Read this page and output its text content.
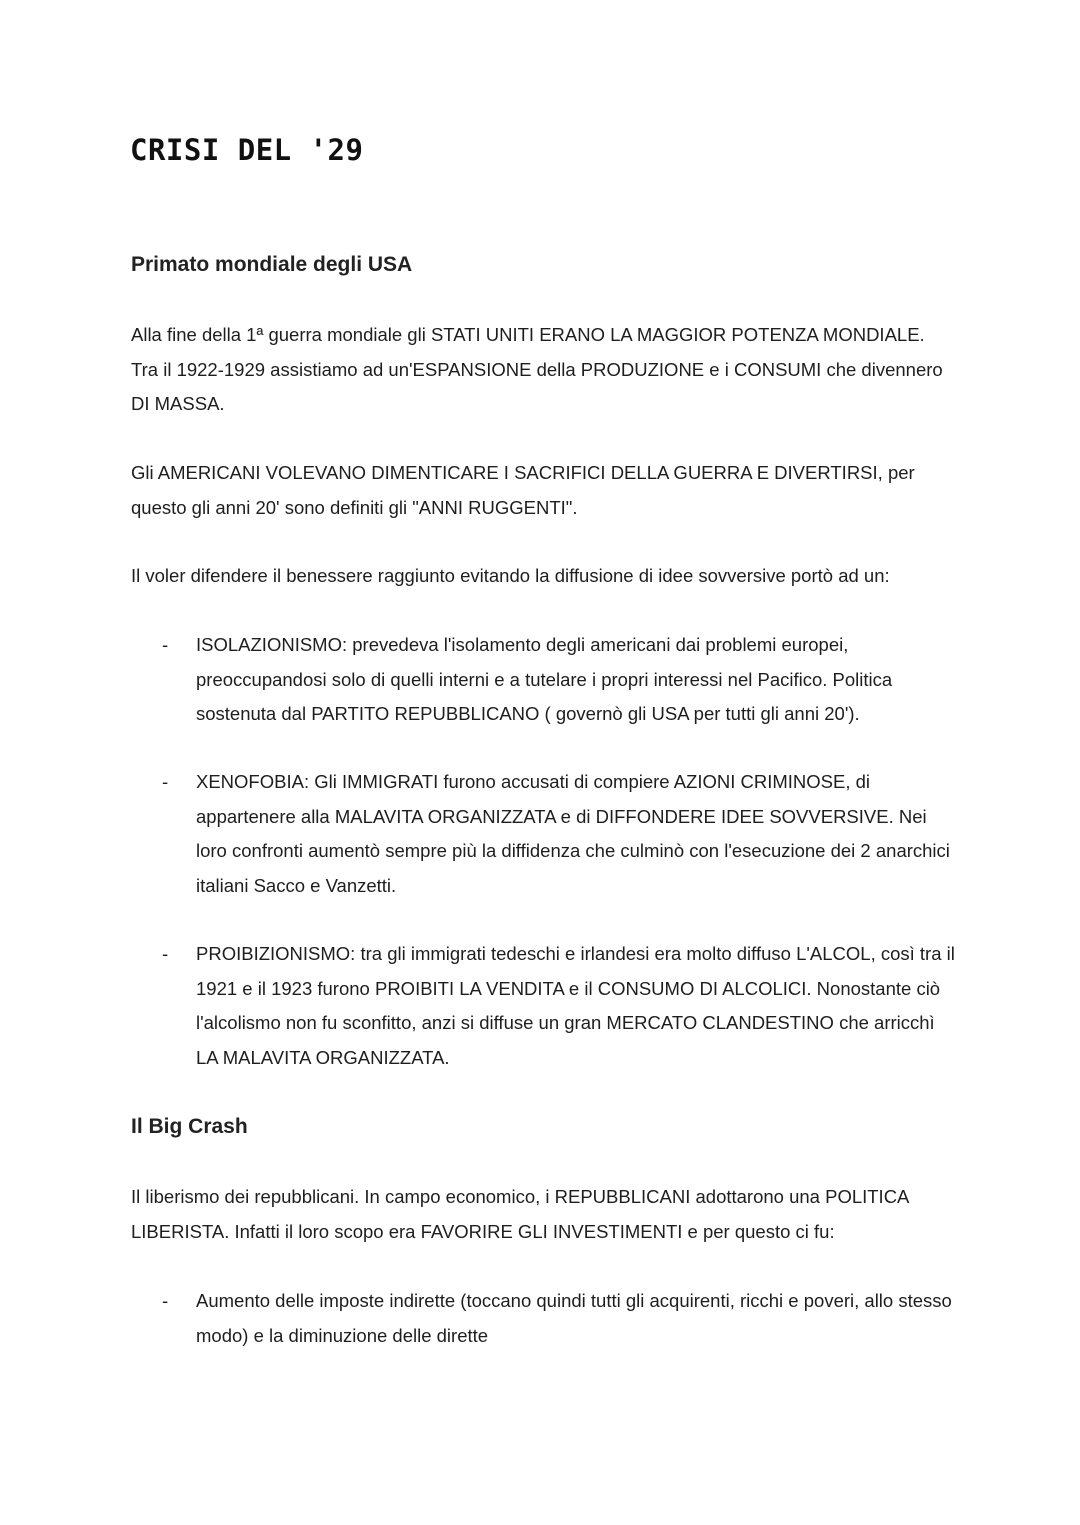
CRISI DEL '29
Primato mondiale degli USA

Alla fine della 1ª guerra mondiale gli STATI UNITI ERANO LA MAGGIOR POTENZA MONDIALE. Tra il 1922-1929 assistiamo ad un'ESPANSIONE della PRODUZIONE e i CONSUMI che divennero DI MASSA.

Gli AMERICANI VOLEVANO DIMENTICARE I SACRIFICI DELLA GUERRA E DIVERTIRSI, per questo gli anni 20' sono definiti gli "ANNI RUGGENTI".

Il voler difendere il benessere raggiunto evitando la diffusione di idee sovversive portò ad un:

- ISOLAZIONISMO: prevedeva l'isolamento degli americani dai problemi europei, preoccupandosi solo di quelli interni e a tutelare i propri interessi nel Pacifico. Politica sostenuta dal PARTITO REPUBBLICANO ( governò gli USA per tutti gli anni 20').

- XENOFOBIA: Gli IMMIGRATI furono accusati di compiere AZIONI CRIMINOSE, di appartenere alla MALAVITA ORGANIZZATA e di DIFFONDERE IDEE SOVVERSIVE. Nei loro confronti aumentò sempre più la diffidenza che culminò con l'esecuzione dei 2 anarchici italiani Sacco e Vanzetti.

- PROIBIZIONISMO: tra gli immigrati tedeschi e irlandesi era molto diffuso L'ALCOL, così tra il 1921 e il 1923 furono PROIBITI LA VENDITA e il CONSUMO DI ALCOLICI. Nonostante ciò l'alcolismo non fu sconfitto, anzi si diffuse un gran MERCATO CLANDESTINO che arricchì LA MALAVITA ORGANIZZATA.

Il Big Crash

Il liberismo dei repubblicani. In campo economico, i REPUBBLICANI adottarono una POLITICA LIBERISTA. Infatti il loro scopo era FAVORIRE GLI INVESTIMENTI e per questo ci fu:

- Aumento delle imposte indirette (toccano quindi tutti gli acquirenti, ricchi e poveri, allo stesso modo) e la diminuzione delle dirette
